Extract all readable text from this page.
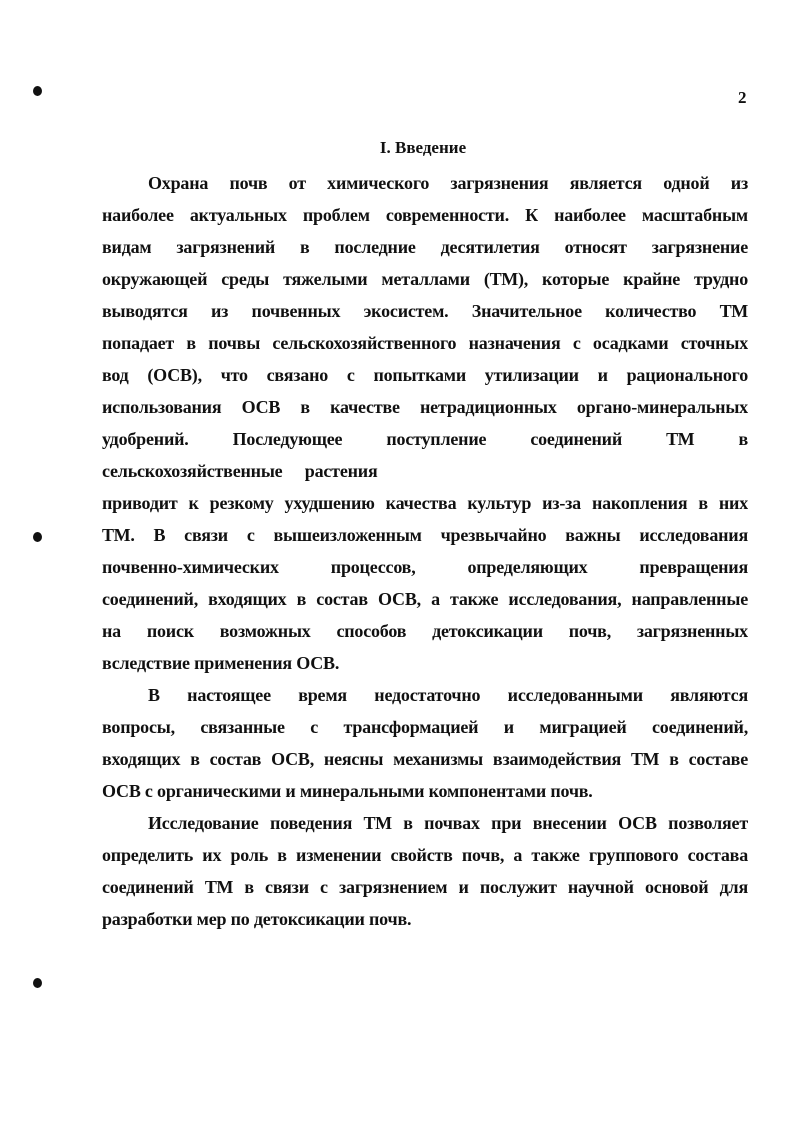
2
I. Введение
Охрана почв от химического загрязнения является одной из
наиболее актуальных проблем современности. К наиболее масштабным
видам загрязнений в последние десятилетия относят загрязнение
окружающей среды тяжелыми металлами (ТМ), которые крайне трудно
выводятся из почвенных экосистем. Значительное количество ТМ
попадает в почвы сельскохозяйственного назначения с осадками сточных
вод (ОСВ), что связано с попытками утилизации и рационального
использования ОСВ в качестве нетрадиционных органо-минеральных
удобрений. Последующее поступление соединений ТМ в
сельскохозяйственные растения
приводит к резкому ухудшению качества культур из-за накопления в них
ТМ. В связи с вышеизложенным чрезвычайно важны исследования
почвенно-химических процессов, определяющих превращения
соединений, входящих в состав ОСВ, а также исследования, направленные
на поиск возможных способов детоксикации почв, загрязненных
вследствие применения ОСВ.
В настоящее время недостаточно исследованными являются
вопросы, связанные с трансформацией и миграцией соединений,
входящих в состав ОСВ, неясны механизмы взаимодействия ТМ в составе
ОСВ с органическими и минеральными компонентами почв.
Исследование поведения ТМ в почвах при внесении ОСВ позволяет
определить их роль в изменении свойств почв, а также группового состава
соединений ТМ в связи с загрязнением и послужит научной основой для
разработки мер по детоксикации почв.
